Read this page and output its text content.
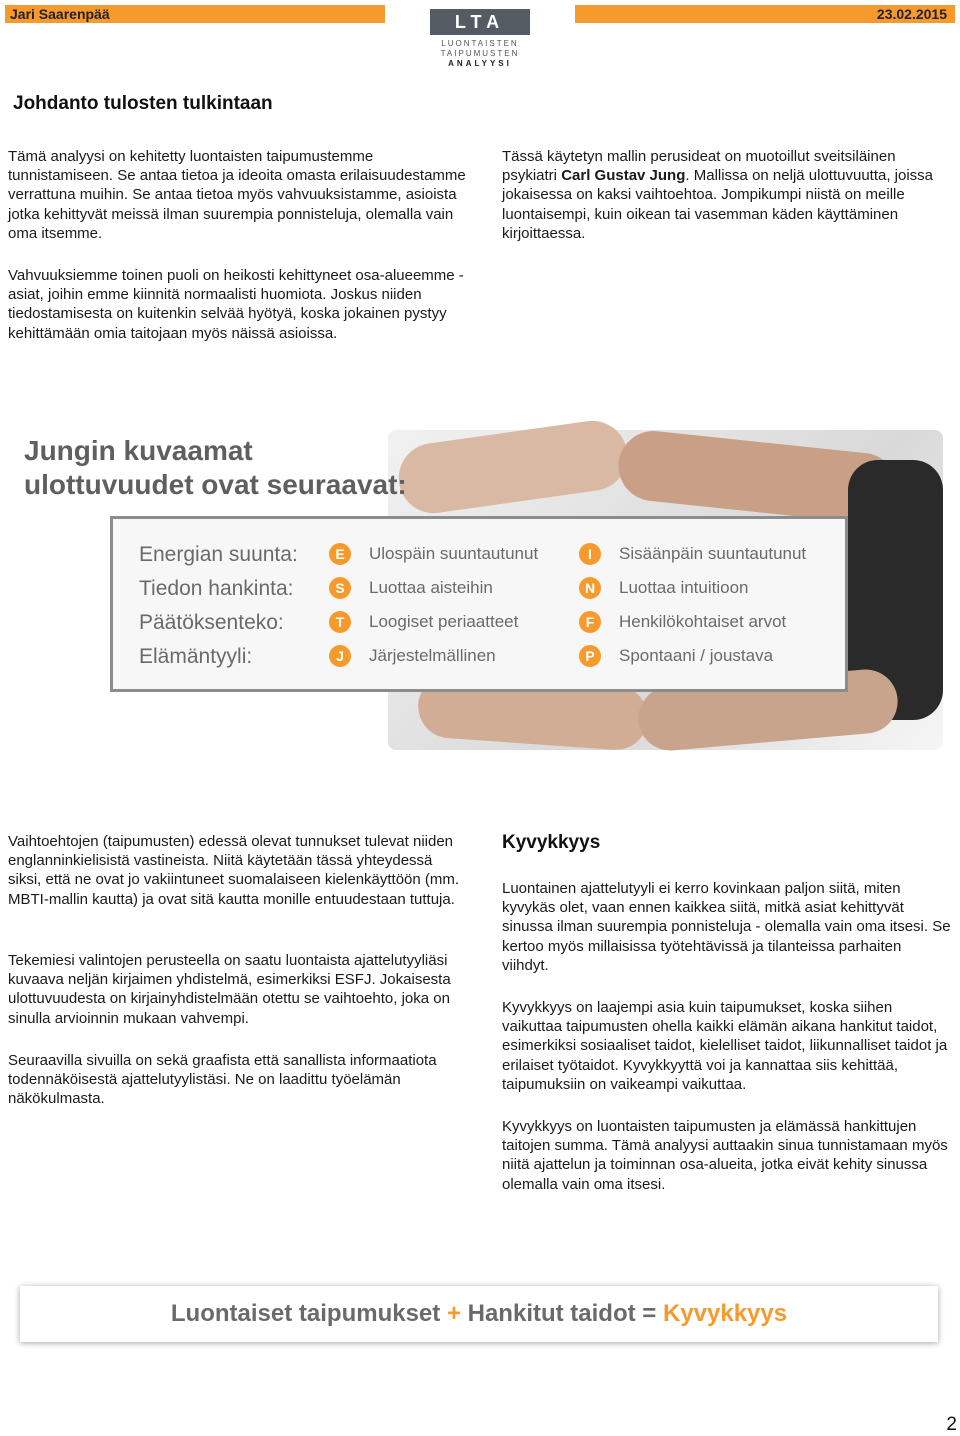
Jari Saarenpää	LTA
LUONTAISTEN
TAIPUMUSTEN
ANALYYSI
23.02.2015
Johdanto tulosten tulkintaan

Tämä analyysi on kehitetty luontaisten taipumustemme tunnistamiseen. Se antaa tietoa ja ideoita omasta erilaisuudestamme verrattuna muihin. Se antaa tietoa myös vahvuuksistamme, asioista jotka kehittyvät meissä ilman suurempia ponnisteluja, olemalla vain oma itsemme.

Tässä käytetyn mallin perusideat on muotoillut sveitsiläinen psykiatri Carl Gustav Jung. Mallissa on neljä ulottuvuutta, joissa jokaisessa on kaksi vaihtoehtoa. Jompikumpi niistä on meille luontaisempi, kuin oikean tai vasemman käden käyttäminen kirjoittaessa.

Vahvuuksiemme toinen puoli on heikosti kehittyneet osa-alueemme - asiat, joihin emme kiinnitä normaalisti huomiota. Joskus niiden tiedostamisesta on kuitenkin selvää hyötyä, koska jokainen pystyy kehittämään omia taitojaan myös näissä asioissa.

Jungin kuvaamat
ulottuvuudet ovat seuraavat:
Energian suunta:	E	Ulospäin suuntautunut	I	Sisäänpäin suuntautunut
Tiedon hankinta:	S	Luottaa aisteihin	N	Luottaa intuitioon
Päätöksenteko:	T	Loogiset periaatteet	F	Henkilökohtaiset arvot
Elämäntyyli:	J	Järjestelmällinen	P	Spontaani / joustava

Vaihtoehtojen (taipumusten) edessä olevat tunnukset tulevat niiden englanninkielisistä vastineista. Niitä käytetään tässä yhteydessä siksi, että ne ovat jo vakiintuneet suomalaiseen kielenkäyttöön (mm. MBTI-mallin kautta) ja ovat sitä kautta monille entuudestaan tuttuja.

Tekemiesi valintojen perusteella on saatu luontaista ajattelutyyliäsi kuvaava neljän kirjaimen yhdistelmä, esimerkiksi ESFJ. Jokaisesta ulottuvuudesta on kirjainyhdistelmään otettu se vaihtoehto, joka on sinulla arvioinnin mukaan vahvempi.

Seuraavilla sivuilla on sekä graafista että sanallista informaatiota todennäköisestä ajattelutyylistäsi. Ne on laadittu työelämän näkökulmasta.

Kyvykkyys

Luontainen ajattelutyyli ei kerro kovinkaan paljon siitä, miten kyvykäs olet, vaan ennen kaikkea siitä, mitkä asiat kehittyvät sinussa ilman suurempia ponnisteluja - olemalla vain oma itsesi. Se kertoo myös millaisissa työtehtävissä ja tilanteissa parhaiten viihdyt.

Kyvykkyys on laajempi asia kuin taipumukset, koska siihen vaikuttaa taipumusten ohella kaikki elämän aikana hankitut taidot, esimerkiksi sosiaaliset taidot, kielelliset taidot, liikunnalliset taidot ja erilaiset työtaidot. Kyvykkyyttä voi ja kannattaa siis kehittää, taipumuksiin on vaikeampi vaikuttaa.

Kyvykkyys on luontaisten taipumusten ja elämässä hankittujen taitojen summa. Tämä analyysi auttaakin sinua tunnistamaan myös niitä ajattelun ja toiminnan osa-alueita, jotka eivät kehity sinussa olemalla vain oma itsesi.

Luontaiset taipumukset + Hankitut taidot = Kyvykkyys
2
